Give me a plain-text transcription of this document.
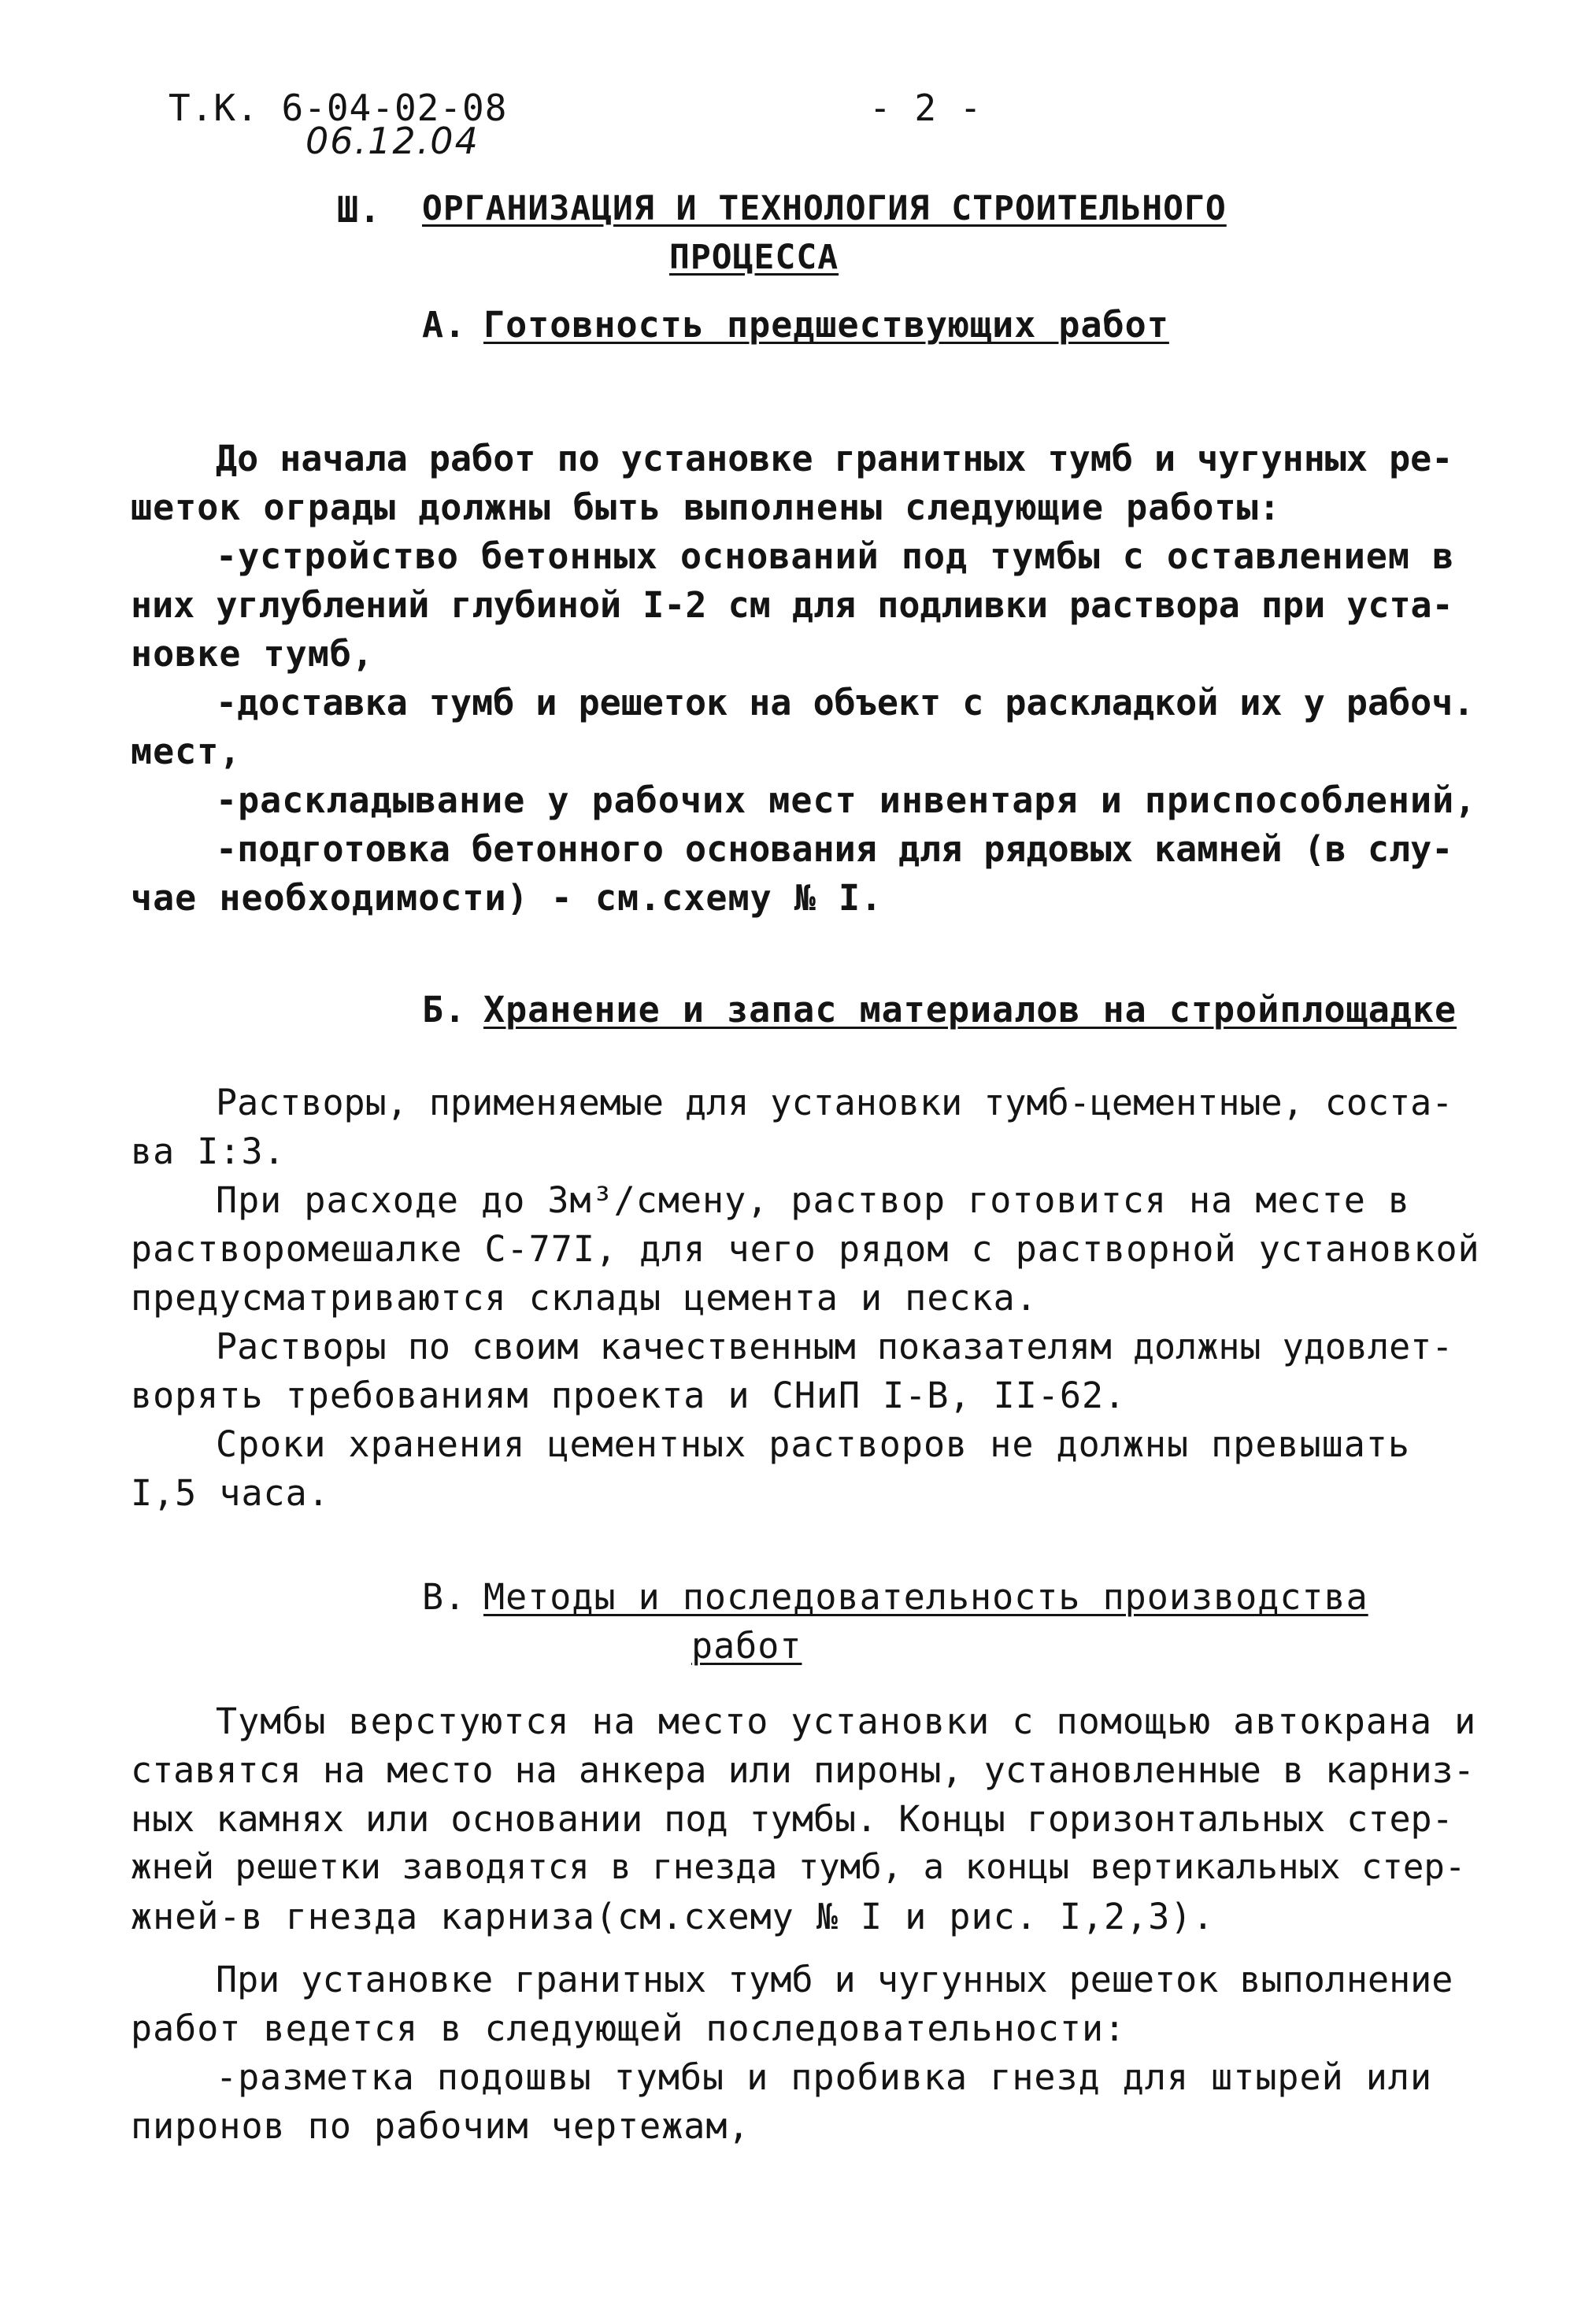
Т.К. 6-04-02-08
06.12.04
- 2 -
Ш. ОРГАНИЗАЦИЯ И ТЕХНОЛОГИЯ СТРОИТЕЛЬНОГО
ПРОЦЕССА
А. Готовность предшествующих работ
До начала работ по установке гранитных тумб и чугунных ре-
шеток ограды должны быть выполнены следующие работы:
-устройство бетонных оснований под тумбы с оставлением в
них углублений глубиной I-2 см для подливки раствора при уста-
новке тумб,
-доставка тумб и решеток на объект с раскладкой их у рабоч.
мест,
-раскладывание у рабочих мест инвентаря и приспособлений,
-подготовка бетонного основания для рядовых камней (в слу-
чае необходимости) - см.схему № I.
Б. Хранение и запас материалов на стройплощадке
Растворы, применяемые для установки тумб-цементные, соста-
ва I:3.
При расходе до 3м³/смену, раствор готовится на месте в
растворомешалке С-77I, для чего рядом с растворной установкой
предусматриваются склады цемента и песка.
Растворы по своим качественным показателям должны удовлет-
ворять требованиям проекта и СНиП I-В, II-62.
Сроки хранения цементных растворов не должны превышать
I,5 часа.
В. Методы и последовательность производства
работ
Тумбы верстуются на место установки с помощью автокрана и
ставятся на место на анкера или пироны, установленные в карниз-
ных камнях или основании под тумбы. Концы горизонтальных стер-
жней решетки заводятся в гнезда тумб, а концы вертикальных стер-
жней-в гнезда карниза(см.схему № I и рис. I,2,3).
При установке гранитных тумб и чугунных решеток выполнение
работ ведется в следующей последовательности:
-разметка подошвы тумбы и пробивка гнезд для штырей или
пиронов по рабочим чертежам,
